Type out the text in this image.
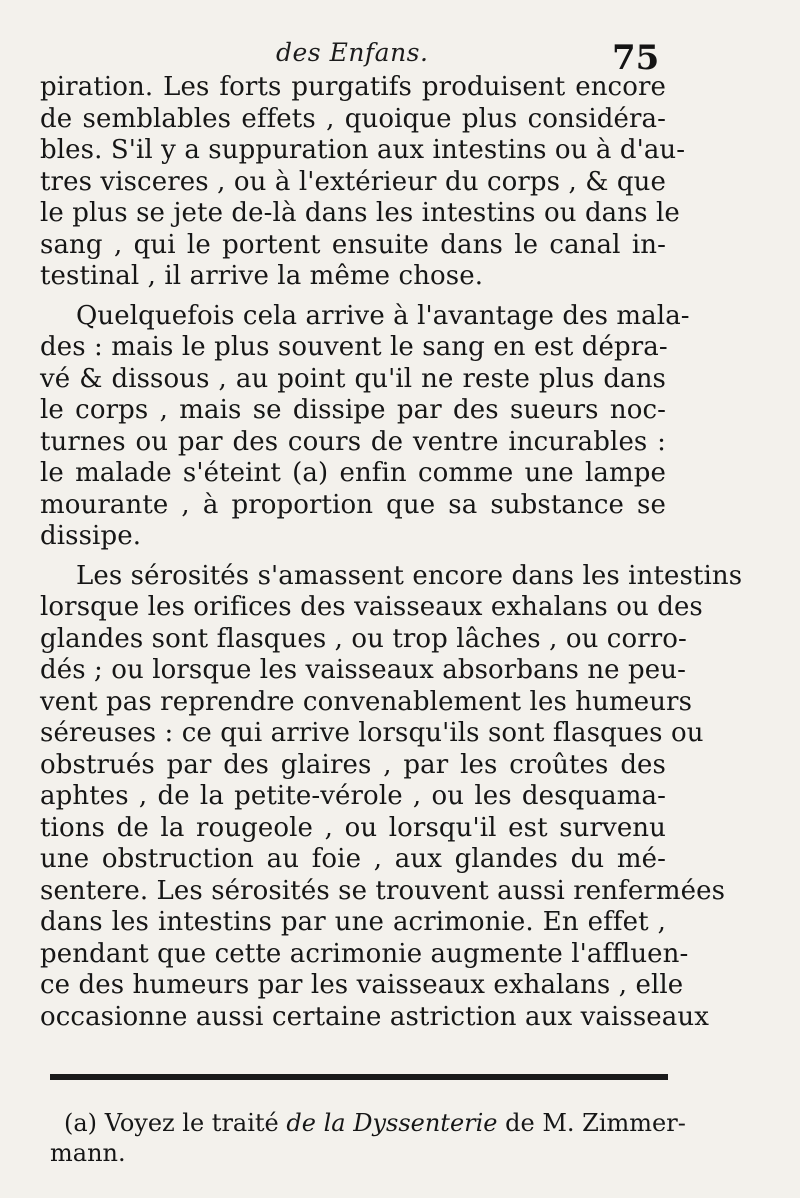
des Enfans.	75
piration. Les forts purgatifs produisent encore
de semblables effets , quoique plus considéra-
bles. S'il y a suppuration aux intestins ou à d'au-
tres visceres , ou à l'extérieur du corps , & que
le plus se jete de-là dans les intestins ou dans le
sang , qui le portent ensuite dans le canal in-
testinal , il arrive la même chose.
Quelquefois cela arrive à l'avantage des mala-
des : mais le plus souvent le sang en est dépra-
vé & dissous , au point qu'il ne reste plus dans
le corps , mais se dissipe par des sueurs noc-
turnes ou par des cours de ventre incurables :
le malade s'éteint (a) enfin comme une lampe
mourante , à proportion que sa substance se
dissipe.
Les sérosités s'amassent encore dans les intestins
lorsque les orifices des vaisseaux exhalans ou des
glandes sont flasques , ou trop lâches , ou corro-
dés ; ou lorsque les vaisseaux absorbans ne peu-
vent pas reprendre convenablement les humeurs
séreuses : ce qui arrive lorsqu'ils sont flasques ou
obstrués par des glaires , par les croûtes des
aphtes , de la petite-vérole , ou les desquama-
tions de la rougeole , ou lorsqu'il est survenu
une obstruction au foie , aux glandes du mé-
sentere. Les sérosités se trouvent aussi renfermées
dans les intestins par une acrimonie. En effet ,
pendant que cette acrimonie augmente l'affluen-
ce des humeurs par les vaisseaux exhalans , elle
occasionne aussi certaine astriction aux vaisseaux
(a) Voyez le traité de la Dyssenterie de M. Zimmer-
mann.
